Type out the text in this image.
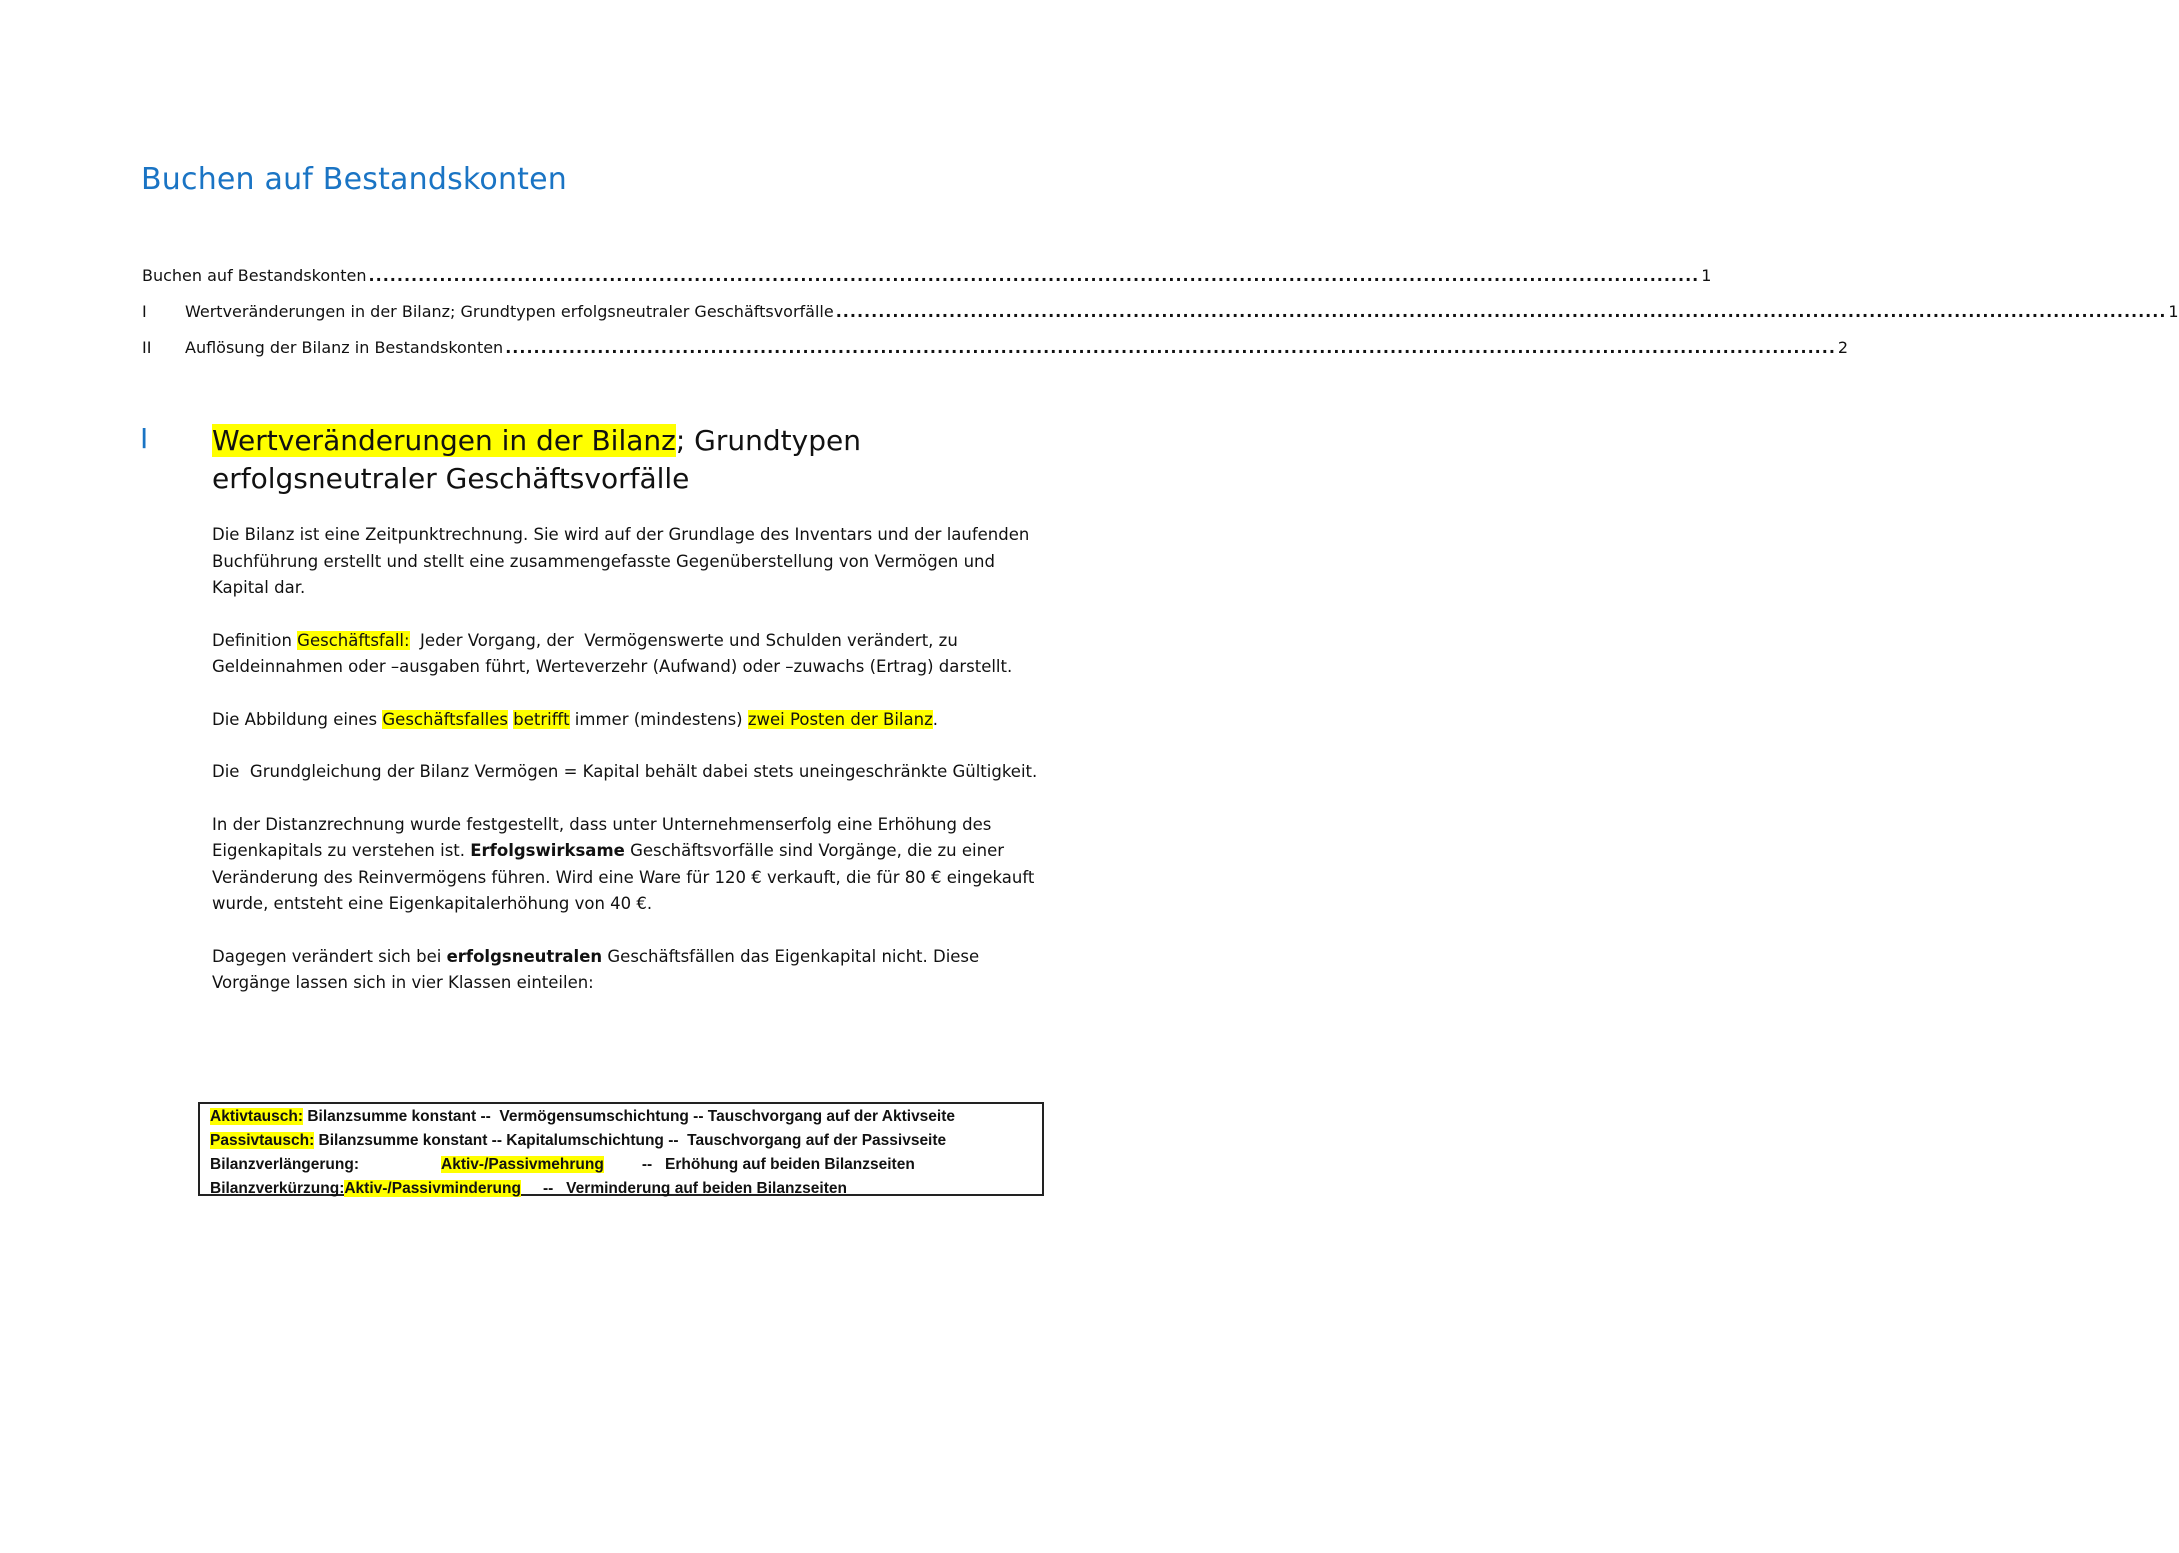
Buchen auf Bestandskonten
Buchen auf Bestandskonten ............................................................................................................................................................................................ 1
I	Wertveränderungen in der Bilanz; Grundtypen erfolgsneutraler Geschäftsvorfälle ............................................................................................................................................................................................ 1
II	Auflösung der Bilanz in Bestandskonten ............................................................................................................................................................................................ 2
I Wertveränderungen in der Bilanz; Grundtypen
erfolgsneutraler Geschäftsvorfälle

Die Bilanz ist eine Zeitpunktrechnung. Sie wird auf der Grundlage des Inventars und der laufenden Buchführung erstellt und stellt eine zusammengefasste Gegenüberstellung von Vermögen und Kapital dar.

Definition Geschäftsfall:  Jeder Vorgang, der  Vermögenswerte und Schulden verändert, zu Geldeinnahmen oder –ausgaben führt, Werteverzehr (Aufwand) oder –zuwachs (Ertrag) darstellt.

Die Abbildung eines Geschäftsfalles betrifft immer (mindestens) zwei Posten der Bilanz.

Die  Grundgleichung der Bilanz Vermögen = Kapital behält dabei stets uneingeschränkte Gültigkeit.

In der Distanzrechnung wurde festgestellt, dass unter Unternehmenserfolg eine Erhöhung des Eigenkapitals zu verstehen ist. Erfolgswirksame Geschäftsvorfälle sind Vorgänge, die zu einer Veränderung des Reinvermögens führen. Wird eine Ware für 120 € verkauft, die für 80 € eingekauft wurde, entsteht eine Eigenkapitalerhöhung von 40 €.

Dagegen verändert sich bei erfolgsneutralen Geschäftsfällen das Eigenkapital nicht. Diese Vorgänge lassen sich in vier Klassen einteilen:

Aktivtausch: Bilanzsumme konstant --  Vermögensumschichtung -- Tauschvorgang auf der Aktivseite
Passivtausch: Bilanzsumme konstant -- Kapitalumschichtung --  Tauschvorgang auf der Passivseite
Bilanzverlängerung:	Aktiv-/Passivmehrung --   Erhöhung auf beiden Bilanzseiten
Bilanzverkürzung:Aktiv-/Passivminderung --   Verminderung auf beiden Bilanzseiten
